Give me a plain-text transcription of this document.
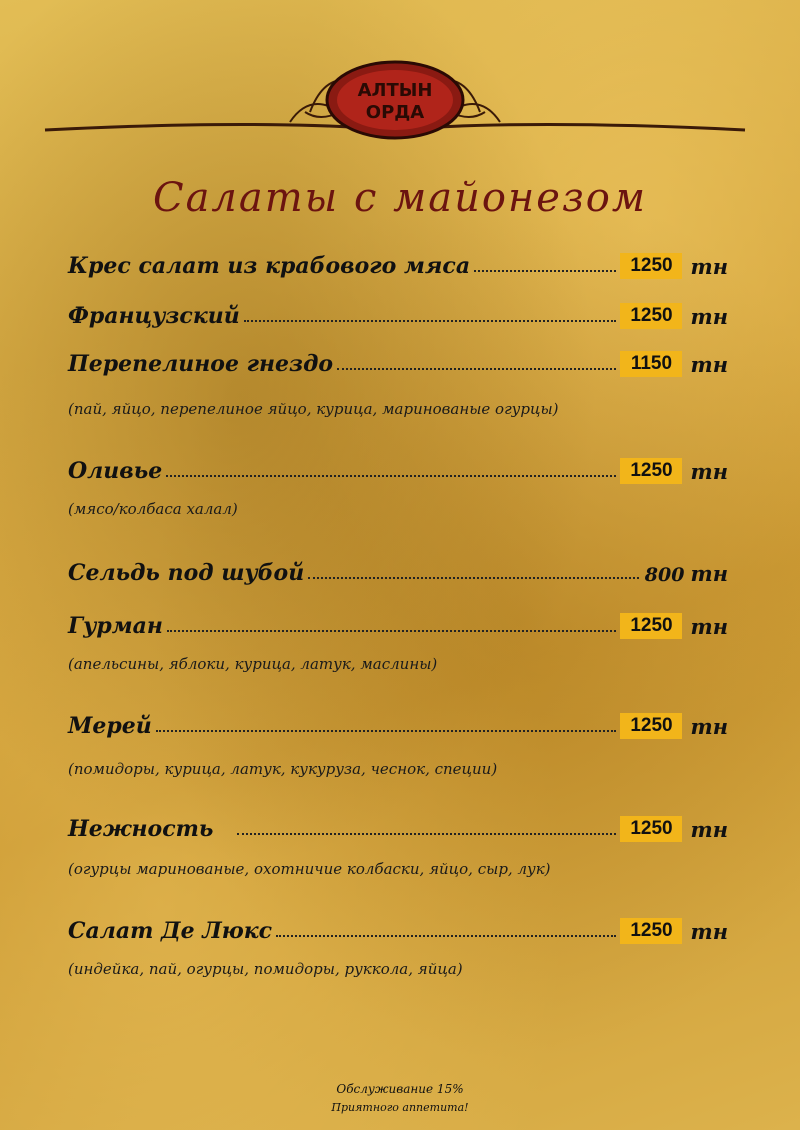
АЛТЫН
ОРДА
Салаты с майонезом
Крес салат из крабового мяса	1250 тн
Французский	1250 тн
Перепелиное гнездо	1150 тн
(пай, яйцо, перепелиное яйцо, курица, маринованые огурцы)
Оливье	1250 тн
(мясо/колбаса халал)
Сельдь под шубой	800 тн
Гурман	1250 тн
(апельсины, яблоки, курица, латук, маслины)
Мерей	1250 тн
(помидоры, курица, латук, кукуруза, чеснок, специи)
Нежность	1250 тн
(огурцы маринованые, охотничие колбаски, яйцо, сыр, лук)
Салат Де Люкс	1250 тн
(индейка, пай, огурцы, помидоры, руккола, яйца)
Обслуживание 15%
Приятного аппетита!
